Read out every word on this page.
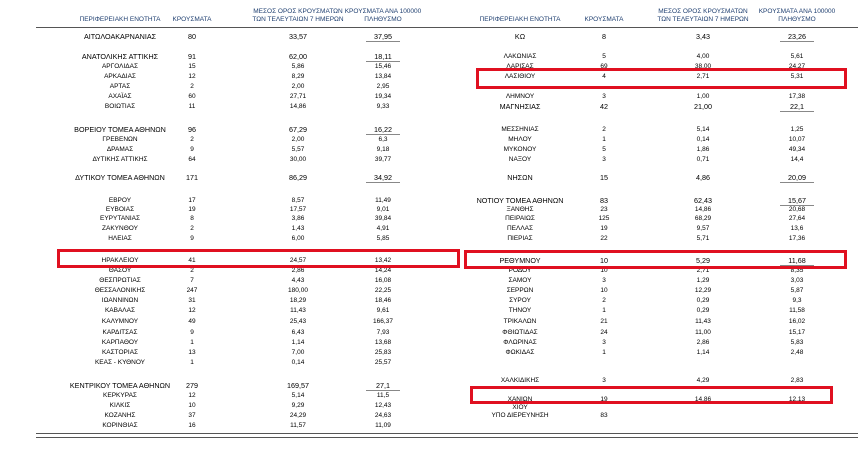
ΠΕΡΙΦΕΡΕΙΑΚΗ ΕΝΟΤΗΤΑ	ΚΡΟΥΣΜΑΤΑ
ΜΕΣΟΣ ΟΡΟΣ ΚΡΟΥΣΜΑΤΩΝ
ΤΩΝ ΤΕΛΕΥΤΑΙΩΝ 7 ΗΜΕΡΩΝ
ΚΡΟΥΣΜΑΤΑ ΑΝΑ 100000
ΠΛΗΘΥΣΜΟ	ΠΕΡΙΦΕΡΕΙΑΚΗ ΕΝΟΤΗΤΑ	ΚΡΟΥΣΜΑΤΑ
ΜΕΣΟΣ ΟΡΟΣ ΚΡΟΥΣΜΑΤΩΝ
ΤΩΝ ΤΕΛΕΥΤΑΙΩΝ 7 ΗΜΕΡΩΝ
ΚΡΟΥΣΜΑΤΑ ΑΝΑ 100000
ΠΛΗΘΥΣΜΟ
ΑΙΤΩΛΟΑΚΑΡΝΑΝΙΑΣ	80	33,57	37,95
ΑΝΑΤΟΛΙΚΗΣ ΑΤΤΙΚΗΣ	91	62,00	18,11
ΑΡΓΟΛΙΔΑΣ	15	5,86	15,46
ΑΡΚΑΔΙΑΣ	12	8,29	13,84
ΑΡΤΑΣ	2	2,00	2,95
ΑΧΑΪΑΣ	60	27,71	19,34
ΒΟΙΩΤΙΑΣ	11	14,86	9,33
ΒΟΡΕΙΟΥ ΤΟΜΕΑ ΑΘΗΝΩΝ	96	67,29	16,22
ΓΡΕΒΕΝΩΝ	2	2,00	6,3
ΔΡΑΜΑΣ	9	5,57	9,18
ΔΥΤΙΚΗΣ ΑΤΤΙΚΗΣ	64	30,00	39,77
ΔΥΤΙΚΟΥ ΤΟΜΕΑ ΑΘΗΝΩΝ	171	86,29	34,92
ΕΒΡΟΥ	17	8,57	11,49
ΕΥΒΟΙΑΣ	19	17,57	9,01
ΕΥΡΥΤΑΝΙΑΣ	8	3,86	39,84
ΖΑΚΥΝΘΟΥ	2	1,43	4,91
ΗΛΕΙΑΣ	9	6,00	5,85
ΗΡΑΚΛΕΙΟΥ	41	24,57	13,42
ΘΑΣΟΥ	2	2,86	14,24
ΘΕΣΠΡΩΤΙΑΣ	7	4,43	16,08
ΘΕΣΣΑΛΟΝΙΚΗΣ	247	180,00	22,25
ΙΩΑΝΝΙΝΩΝ	31	18,29	18,46
ΚΑΒΑΛΑΣ	12	11,43	9,61
ΚΑΛΥΜΝΟΥ	49	25,43	166,37
ΚΑΡΔΙΤΣΑΣ	9	6,43	7,93
ΚΑΡΠΑΘΟΥ	1	1,14	13,68
ΚΑΣΤΟΡΙΑΣ	13	7,00	25,83
ΚΕΑΣ - ΚΥΘΝΟΥ	1	0,14	25,57
ΚΕΝΤΡΙΚΟΥ ΤΟΜΕΑ ΑΘΗΝΩΝ	279	169,57	27,1
ΚΕΡΚΥΡΑΣ	12	5,14	11,5
ΚΙΛΚΙΣ	10	9,29	12,43
ΚΟΖΑΝΗΣ	37	24,29	24,63
ΚΟΡΙΝΘΙΑΣ	16	11,57	11,09
ΚΩ	8	3,43	23,26
ΛΑΚΩΝΙΑΣ	5	4,00	5,61
ΛΑΡΙΣΑΣ	69	38,00	24,27
ΛΑΣΙΘΙΟΥ	4	2,71	5,31
ΛΗΜΝΟΥ	3	1,00	17,38
ΜΑΓΝΗΣΙΑΣ	42	21,00	22,1
ΜΕΣΣΗΝΙΑΣ	2	5,14	1,25
ΜΗΛΟΥ	1	0,14	10,07
ΜΥΚΟΝΟΥ	5	1,86	49,34
ΝΑΞΟΥ	3	0,71	14,4
ΝΗΣΩΝ	15	4,86	20,09
ΝΟΤΙΟΥ ΤΟΜΕΑ ΑΘΗΝΩΝ	83	62,43	15,67
ΞΑΝΘΗΣ	23	14,86	20,68
ΠΕΙΡΑΙΩΣ	125	68,29	27,64
ΠΕΛΛΑΣ	19	9,57	13,6
ΠΙΕΡΙΑΣ	22	5,71	17,36
ΡΕΘΥΜΝΟΥ	10	5,29	11,68
ΡΟΔΟΥ	10	2,71	8,35
ΣΑΜΟΥ	3	1,29	3,03
ΣΕΡΡΩΝ	10	12,29	5,87
ΣΥΡΟΥ	2	0,29	9,3
ΤΗΝΟΥ	1	0,29	11,58
ΤΡΙΚΑΛΩΝ	21	11,43	16,02
ΦΘΙΩΤΙΔΑΣ	24	11,00	15,17
ΦΛΩΡΙΝΑΣ	3	2,86	5,83
ΦΩΚΙΔΑΣ	1	1,14	2,48
ΧΑΛΚΙΔΙΚΗΣ	3	4,29	2,83
ΧΑΝΙΩΝ	19	14,86	12,13
ΧΙΟΥ
ΥΠΟ ΔΙΕΡΕΥΝΗΣΗ	83
